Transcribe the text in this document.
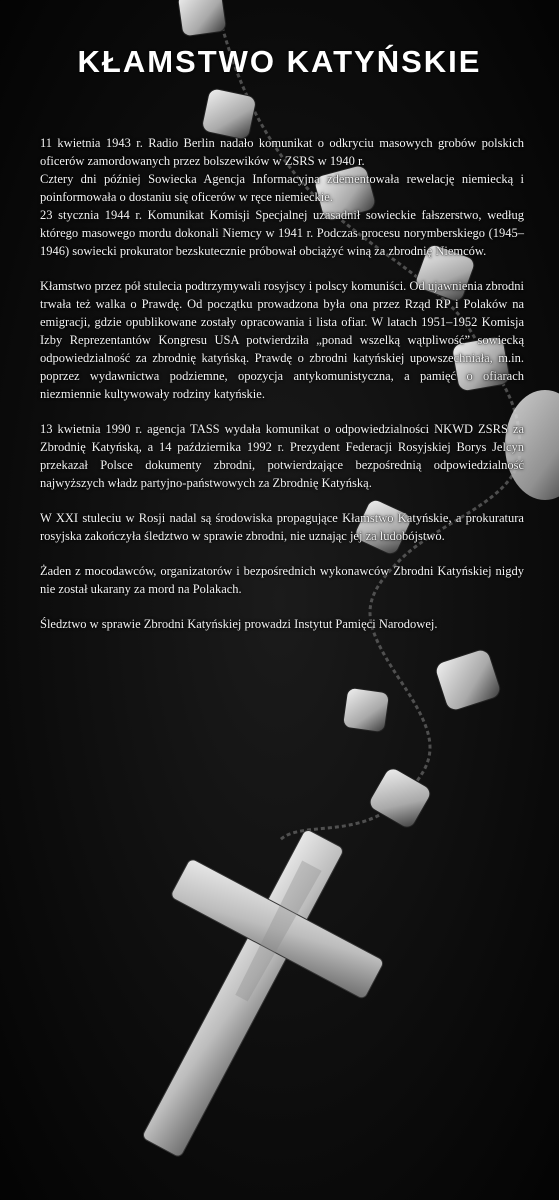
KŁAMSTWO KATYŃSKIE

11 kwietnia 1943 r. Radio Berlin nadało komunikat o odkryciu masowych grobów polskich oficerów zamordowanych przez bolszewików w ZSRS w 1940 r.
Cztery dni później Sowiecka Agencja Informacyjna zdementowała rewelację niemiecką i poinformowała o dostaniu się oficerów w ręce niemieckie.
23 stycznia 1944 r. Komunikat Komisji Specjalnej uzasadnił sowieckie fałszerstwo, według którego masowego mordu dokonali Niemcy w 1941 r. Podczas procesu norymberskiego (1945–1946) sowiecki prokurator bezskutecznie próbował obciążyć winą za zbrodnię Niemców.

Kłamstwo przez pół stulecia podtrzymywali rosyjscy i polscy komuniści. Od ujawnienia zbrodni trwała też walka o Prawdę. Od początku prowadzona była ona przez Rząd RP i Polaków na emigracji, gdzie opublikowane zostały opracowania i lista ofiar. W latach 1951–1952 Komisja Izby Reprezentantów Kongresu USA potwierdziła „ponad wszelką wątpliwość” sowiecką odpowiedzialność za zbrodnię katyńską. Prawdę o zbrodni katyńskiej upowszechniała, m.in. poprzez wydawnictwa podziemne, opozycja antykomunistyczna, a pamięć o ofiarach niezmiennie kultywowały rodziny katyńskie.

13 kwietnia 1990 r. agencja TASS wydała komunikat o odpowiedzialności NKWD ZSRS za Zbrodnię Katyńską, a 14 października 1992 r. Prezydent Federacji Rosyjskiej Borys Jelcyn przekazał Polsce dokumenty zbrodni, potwierdzające bezpośrednią odpowiedzialność najwyższych władz partyjno-państwowych za Zbrodnię Katyńską.

W XXI stuleciu w Rosji nadal są środowiska propagujące Kłamstwo Katyńskie, a prokuratura rosyjska zakończyła śledztwo w sprawie zbrodni, nie uznając jej za ludobójstwo.

Żaden z mocodawców, organizatorów i bezpośrednich wykonawców Zbrodni Katyńskiej nigdy nie został ukarany za mord na Polakach.

Śledztwo w sprawie Zbrodni Katyńskiej prowadzi Instytut Pamięci Narodowej.
